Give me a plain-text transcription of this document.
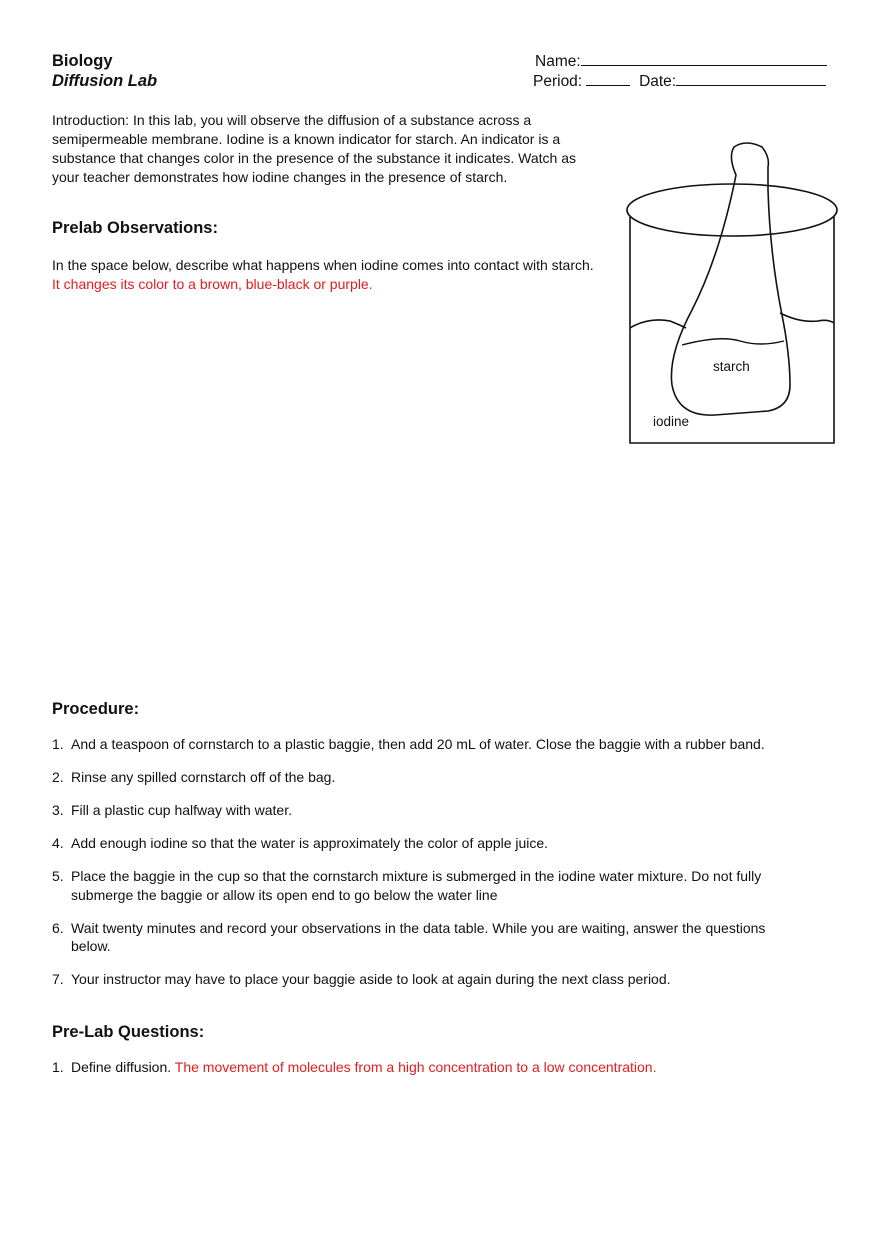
Biology
Diffusion Lab
Name:
Period:	Date:
Introduction: In this lab, you will observe the diffusion of a substance across a
semipermeable membrane. Iodine is a known indicator for starch. An indicator is a
substance that changes color in the presence of the substance it indicates. Watch as
your teacher demonstrates how iodine changes in the presence of starch.
Prelab Observations:
In the space below, describe what happens when iodine comes into contact with starch.
It changes its color to a brown, blue-black or purple.
starch
iodine
Procedure:
1. And a teaspoon of cornstarch to a plastic baggie, then add 20 mL of water. Close the baggie with a rubber band.
2. Rinse any spilled cornstarch off of the bag.
3. Fill a plastic cup halfway with water.
4. Add enough iodine so that the water is approximately the color of apple juice.
5. Place the baggie in the cup so that the cornstarch mixture is submerged in the iodine water mixture. Do not fully
submerge the baggie or allow its open end to go below the water line
6. Wait twenty minutes and record your observations in the data table. While you are waiting, answer the questions
below.
7. Your instructor may have to place your baggie aside to look at again during the next class period.
Pre-Lab Questions:
1. Define diffusion. The movement of molecules from a high concentration to a low concentration.
